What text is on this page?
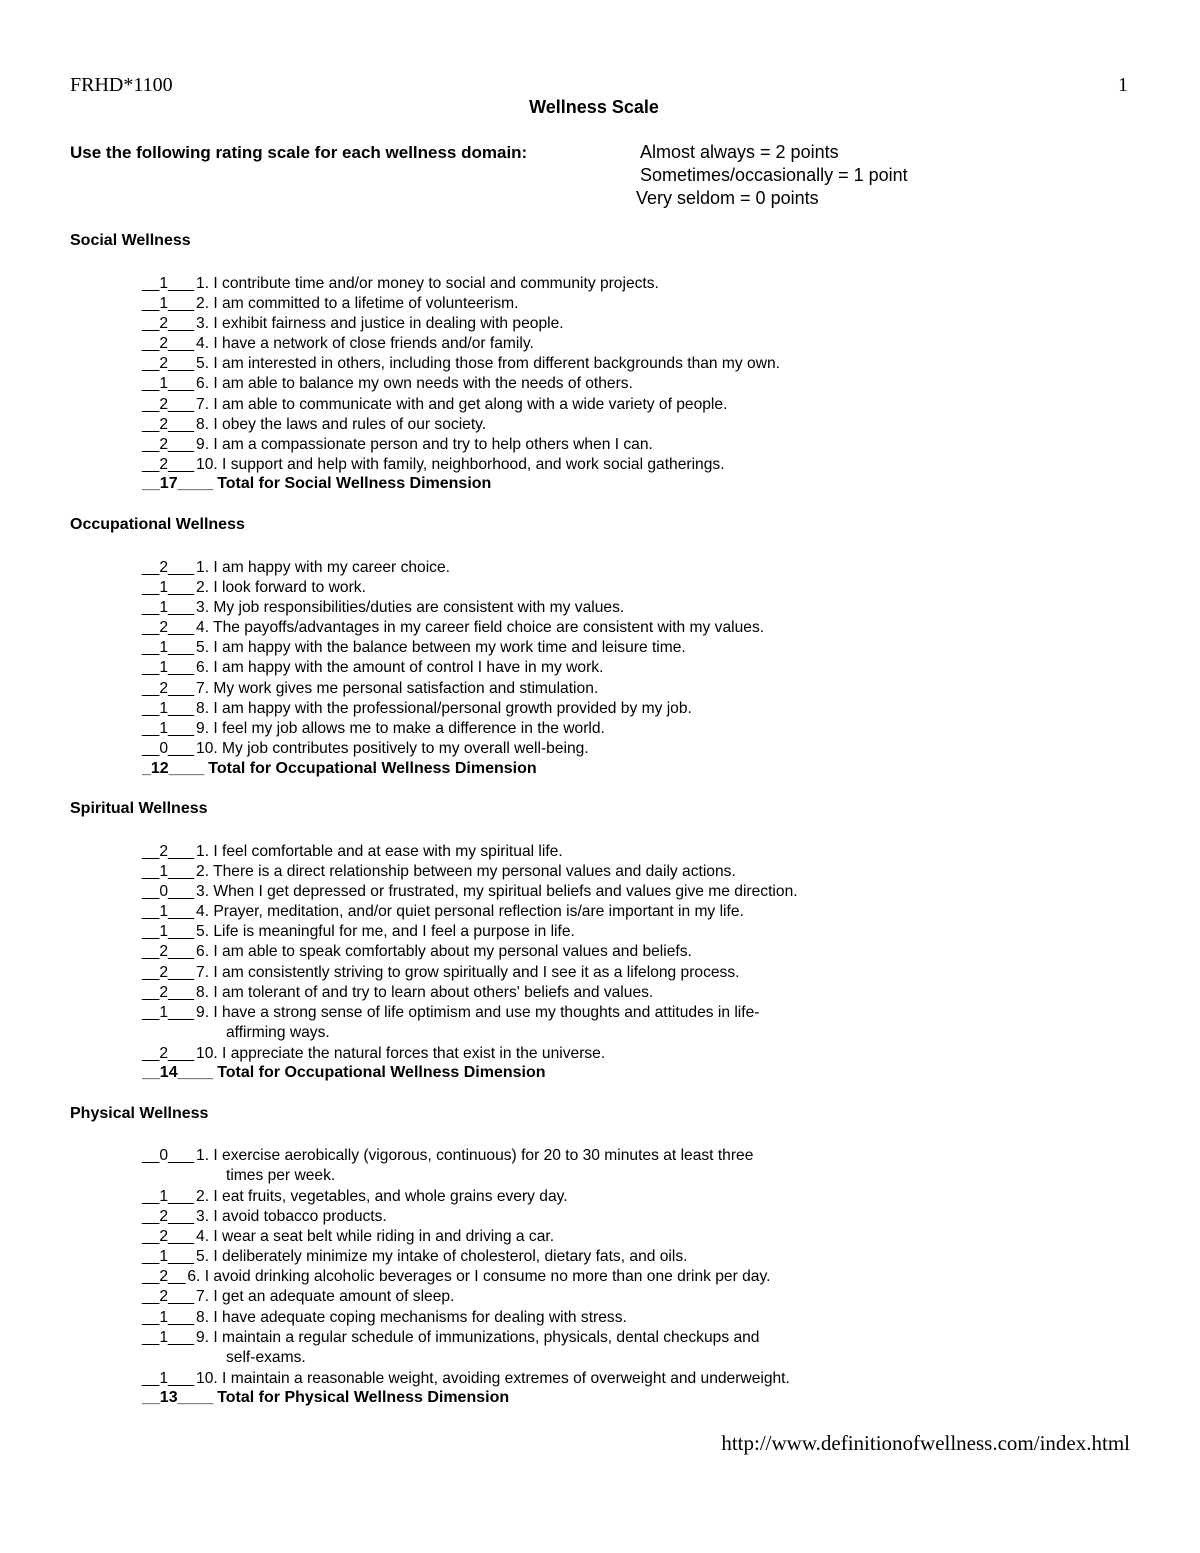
FRHD*1100	1
Wellness Scale
Use the following rating scale for each wellness domain:	Almost always = 2 points
Sometimes/occasionally = 1 point
Very seldom = 0 points
Social Wellness
__1___ 1. I contribute time and/or money to social and community projects.
__1___ 2. I am committed to a lifetime of volunteerism.
__2___ 3. I exhibit fairness and justice in dealing with people.
__2___ 4. I have a network of close friends and/or family.
__2___ 5. I am interested in others, including those from different backgrounds than my own.
__1___ 6. I am able to balance my own needs with the needs of others.
__2___ 7. I am able to communicate with and get along with a wide variety of people.
__2___ 8. I obey the laws and rules of our society.
__2___ 9. I am a compassionate person and try to help others when I can.
__2___ 10. I support and help with family, neighborhood, and work social gatherings.
__17____ Total for Social Wellness Dimension
Occupational Wellness
__2___ 1. I am happy with my career choice.
__1___ 2. I look forward to work.
__1___ 3. My job responsibilities/duties are consistent with my values.
__2___ 4. The payoffs/advantages in my career field choice are consistent with my values.
__1___ 5. I am happy with the balance between my work time and leisure time.
__1___ 6. I am happy with the amount of control I have in my work.
__2___ 7. My work gives me personal satisfaction and stimulation.
__1___ 8. I am happy with the professional/personal growth provided by my job.
__1___ 9. I feel my job allows me to make a difference in the world.
__0___ 10. My job contributes positively to my overall well-being.
_12____ Total for Occupational Wellness Dimension
Spiritual Wellness
__2___ 1. I feel comfortable and at ease with my spiritual life.
__1___ 2. There is a direct relationship between my personal values and daily actions.
__0___ 3. When I get depressed or frustrated, my spiritual beliefs and values give me direction.
__1___ 4. Prayer, meditation, and/or quiet personal reflection is/are important in my life.
__1___ 5. Life is meaningful for me, and I feel a purpose in life.
__2___ 6. I am able to speak comfortably about my personal values and beliefs.
__2___ 7. I am consistently striving to grow spiritually and I see it as a lifelong process.
__2___ 8. I am tolerant of and try to learn about others' beliefs and values.
__1___ 9. I have a strong sense of life optimism and use my thoughts and attitudes in life-
affirming ways.
__2___ 10. I appreciate the natural forces that exist in the universe.
__14____ Total for Occupational Wellness Dimension
Physical Wellness
__0___ 1. I exercise aerobically (vigorous, continuous) for 20 to 30 minutes at least three
times per week.
__1___ 2. I eat fruits, vegetables, and whole grains every day.
__2___ 3. I avoid tobacco products.
__2___ 4. I wear a seat belt while riding in and driving a car.
__1___ 5. I deliberately minimize my intake of cholesterol, dietary fats, and oils.
__2__ 6. I avoid drinking alcoholic beverages or I consume no more than one drink per day.
__2___ 7. I get an adequate amount of sleep.
__1___ 8. I have adequate coping mechanisms for dealing with stress.
__1___ 9. I maintain a regular schedule of immunizations, physicals, dental checkups and
self-exams.
__1___ 10. I maintain a reasonable weight, avoiding extremes of overweight and underweight.
__13____ Total for Physical Wellness Dimension
http://www.definitionofwellness.com/index.html
